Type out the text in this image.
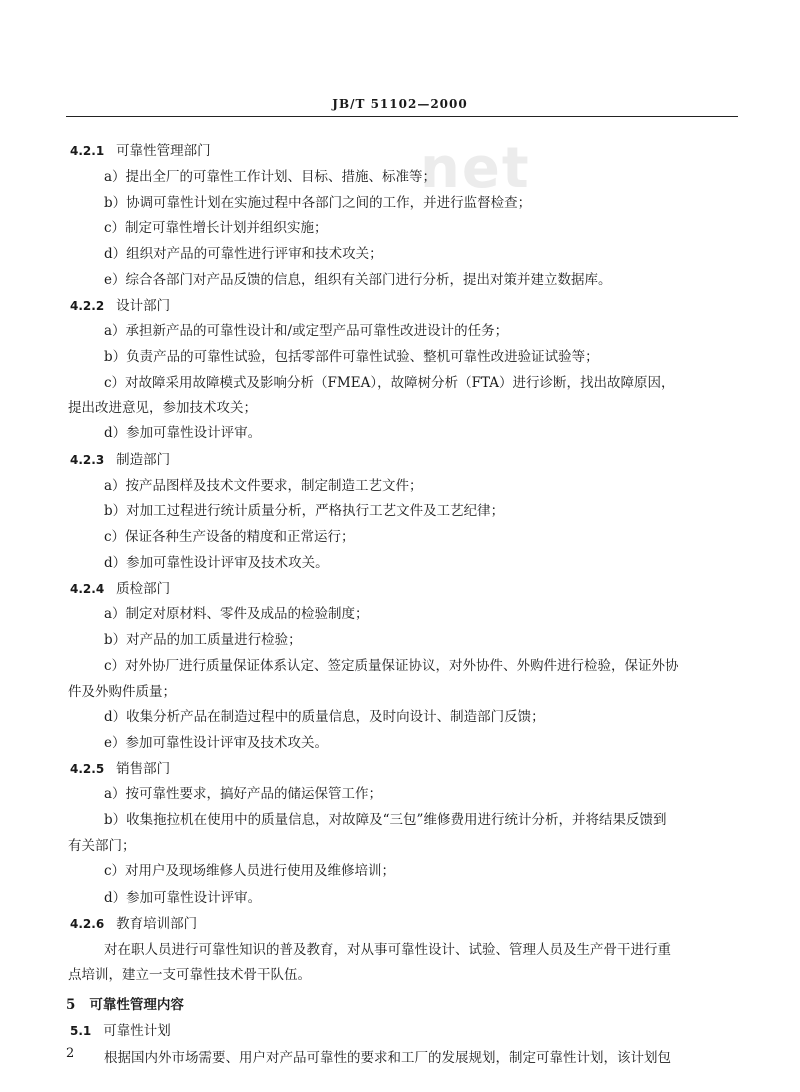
JB/T 51102—2000
net
4.2.1 可靠性管理部门
a）提出全厂的可靠性工作计划、目标、措施、标准等；
b）协调可靠性计划在实施过程中各部门之间的工作，并进行监督检查；
c）制定可靠性增长计划并组织实施；
d）组织对产品的可靠性进行评审和技术攻关；
e）综合各部门对产品反馈的信息，组织有关部门进行分析，提出对策并建立数据库。
4.2.2 设计部门
a）承担新产品的可靠性设计和/或定型产品可靠性改进设计的任务；
b）负责产品的可靠性试验，包括零部件可靠性试验、整机可靠性改进验证试验等；
c）对故障采用故障模式及影响分析（FMEA），故障树分析（FTA）进行诊断，找出故障原因，
提出改进意见，参加技术攻关；
d）参加可靠性设计评审。
4.2.3 制造部门
a）按产品图样及技术文件要求，制定制造工艺文件；
b）对加工过程进行统计质量分析，严格执行工艺文件及工艺纪律；
c）保证各种生产设备的精度和正常运行；
d）参加可靠性设计评审及技术攻关。
4.2.4 质检部门
a）制定对原材料、零件及成品的检验制度；
b）对产品的加工质量进行检验；
c）对外协厂进行质量保证体系认定、签定质量保证协议，对外协件、外购件进行检验，保证外协
件及外购件质量；
d）收集分析产品在制造过程中的质量信息，及时向设计、制造部门反馈；
e）参加可靠性设计评审及技术攻关。
4.2.5 销售部门
a）按可靠性要求，搞好产品的储运保管工作；
b）收集拖拉机在使用中的质量信息，对故障及“三包”维修费用进行统计分析，并将结果反馈到
有关部门；
c）对用户及现场维修人员进行使用及维修培训；
d）参加可靠性设计评审。
4.2.6 教育培训部门
对在职人员进行可靠性知识的普及教育，对从事可靠性设计、试验、管理人员及生产骨干进行重
点培训，建立一支可靠性技术骨干队伍。
5 可靠性管理内容
5.1 可靠性计划
根据国内外市场需要、用户对产品可靠性的要求和工厂的发展规划，制定可靠性计划，该计划包
2
